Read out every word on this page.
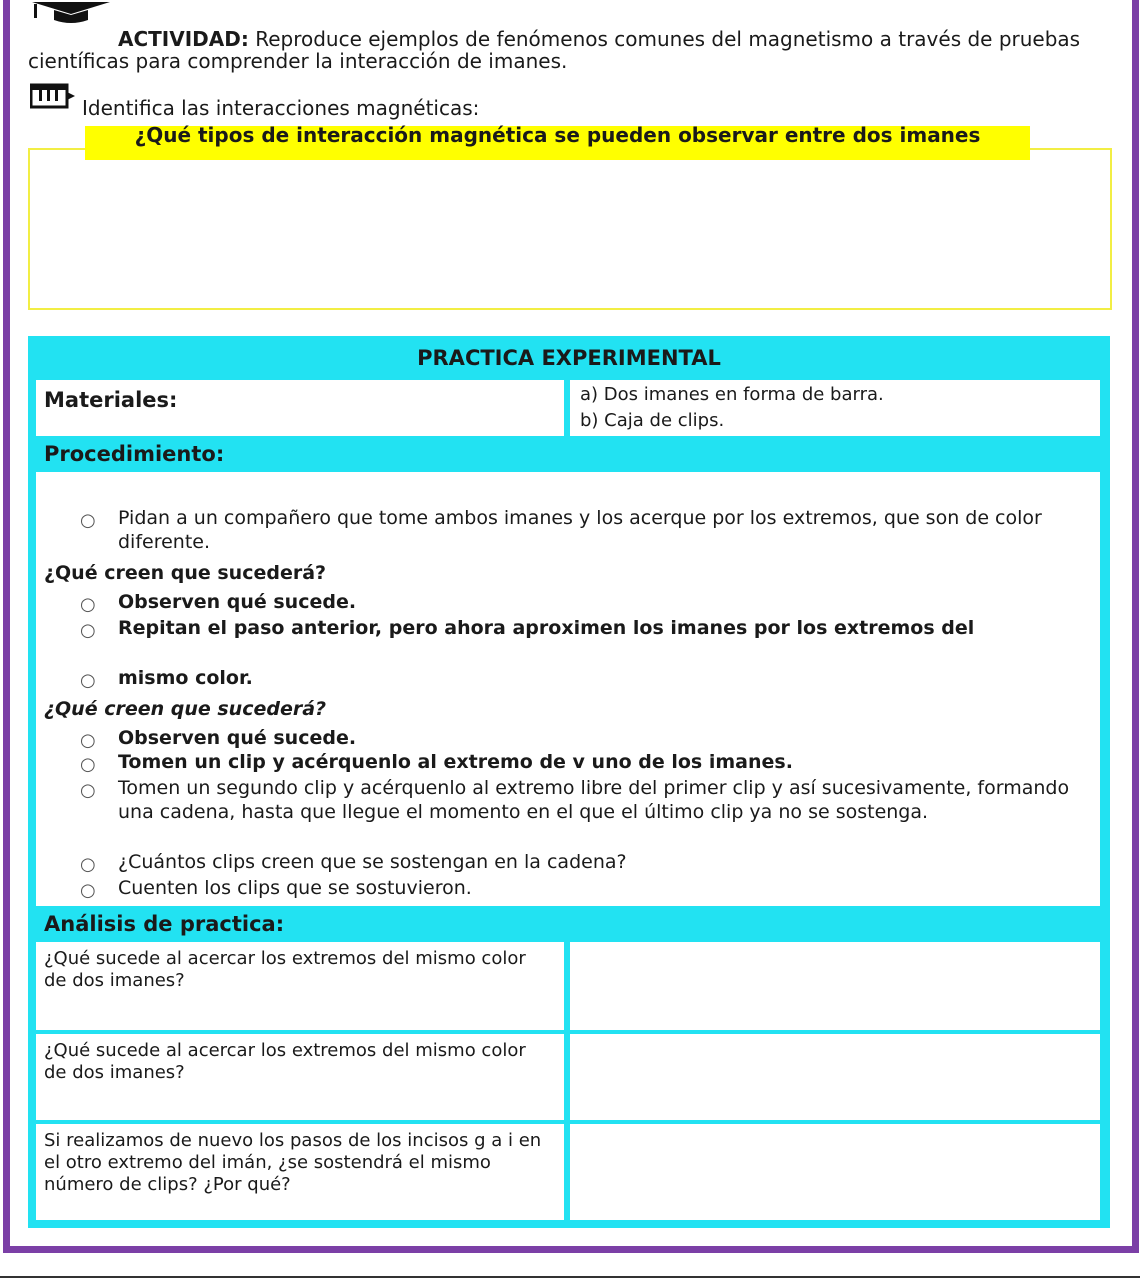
ACTIVIDAD: Reproduce ejemplos de fenómenos comunes del magnetismo a través de pruebas científicas para comprender la interacción de imanes.
Identifica las interacciones magnéticas:
¿Qué tipos de interacción magnética se pueden observar entre dos imanes
PRACTICA EXPERIMENTAL
Materiales:	a) Dos imanes en forma de barra.
b) Caja de clips.
Procedimiento:
○ Pidan a un compañero que tome ambos imanes y los acerque por los extremos, que son de color diferente.
¿Qué creen que sucederá?
○ Observen qué sucede.
○ Repitan el paso anterior, pero ahora aproximen los imanes por los extremos del
○ mismo color.
¿Qué creen que sucederá?
○ Observen qué sucede.
○ Tomen un clip y acérquenlo al extremo de v uno de los imanes.
○ Tomen un segundo clip y acérquenlo al extremo libre del primer clip y así sucesivamente, formando una cadena, hasta que llegue el momento en el que el último clip ya no se sostenga.
○ ¿Cuántos clips creen que se sostengan en la cadena?
○ Cuenten los clips que se sostuvieron.
Análisis de practica:
¿Qué sucede al acercar los extremos del mismo color de dos imanes?
¿Qué sucede al acercar los extremos del mismo color de dos imanes?
Si realizamos de nuevo los pasos de los incisos g a i en el otro extremo del imán, ¿se sostendrá el mismo número de clips? ¿Por qué?
